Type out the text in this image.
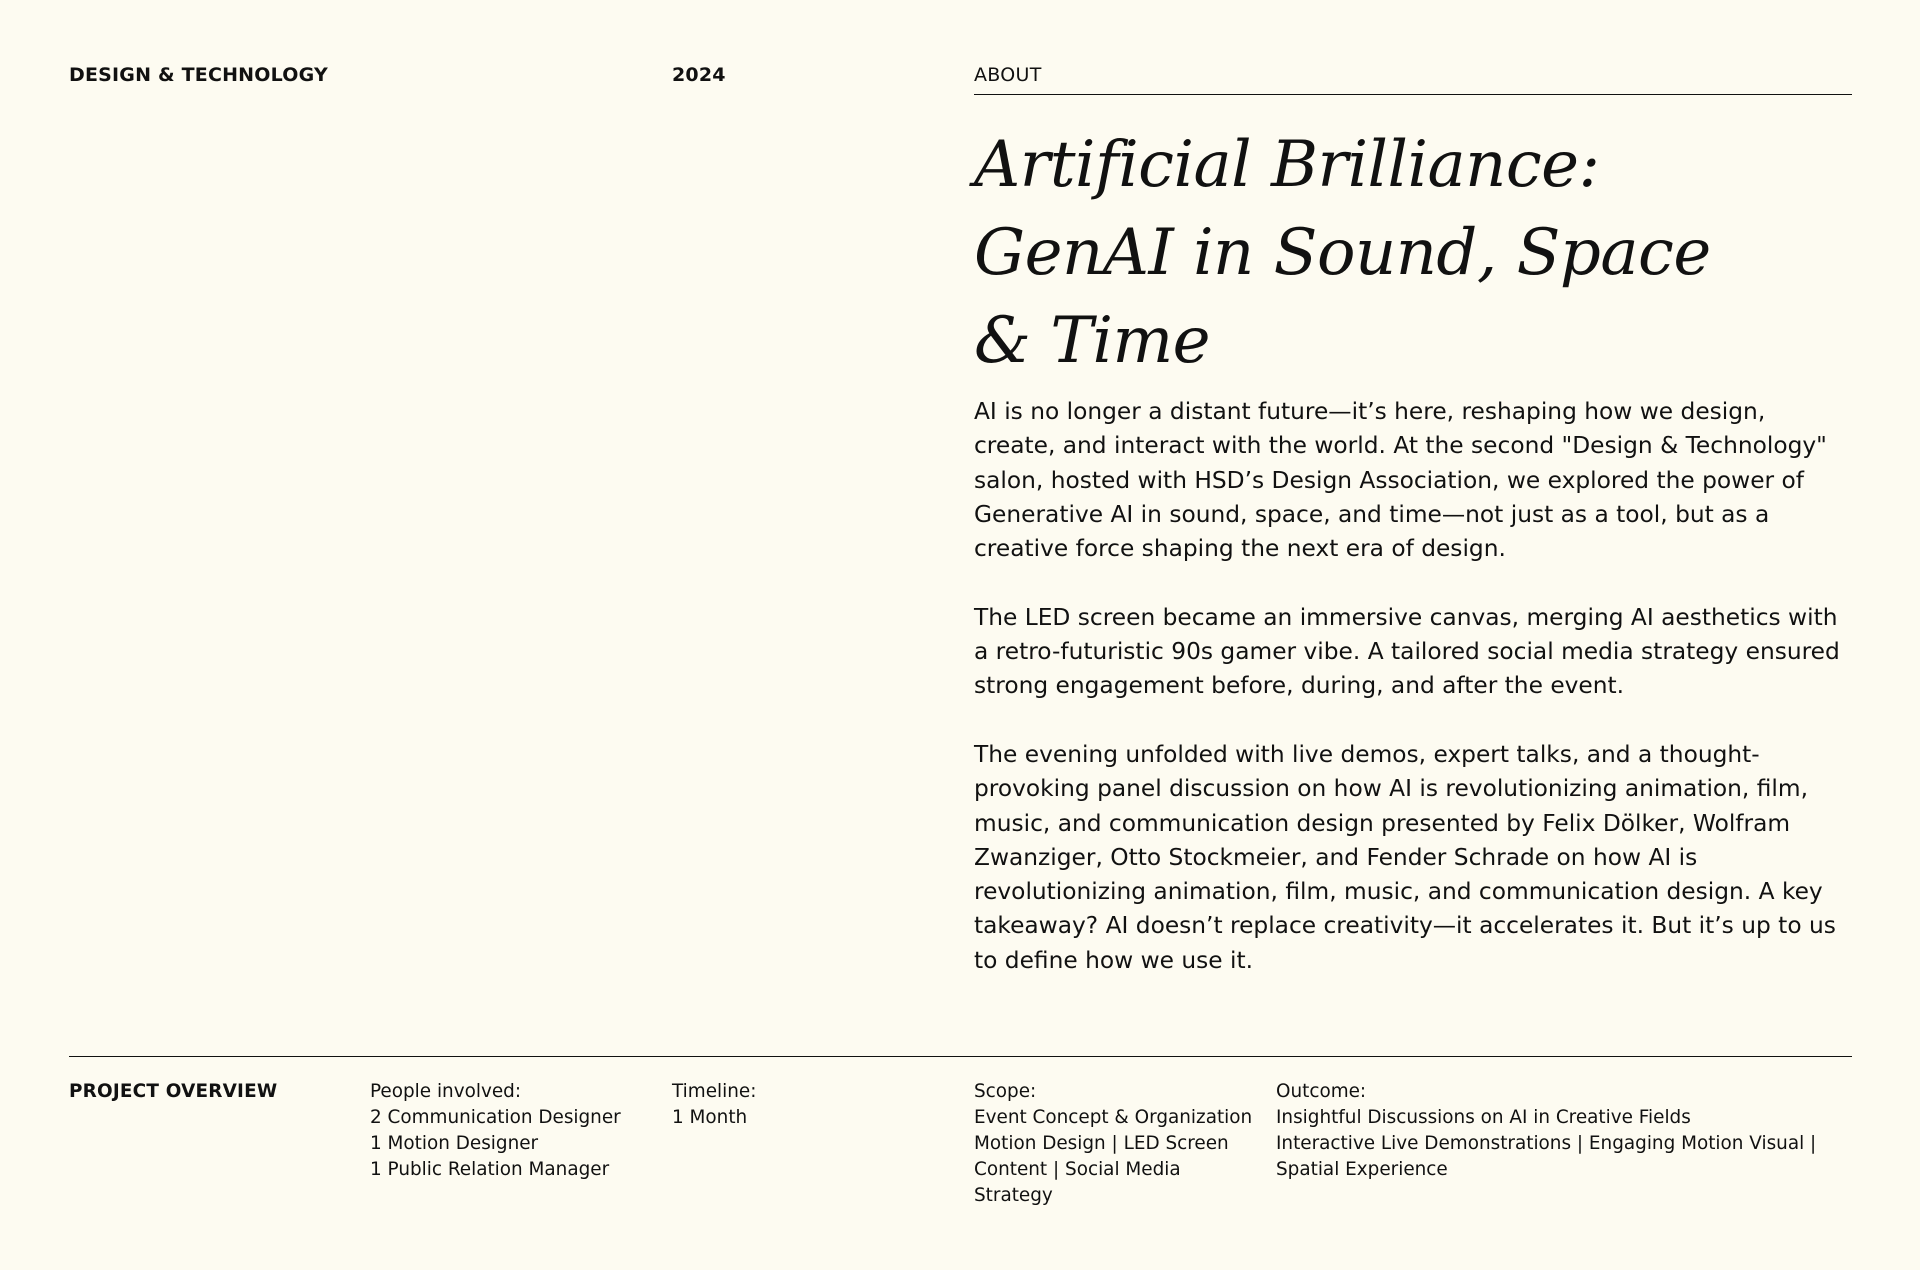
DESIGN & TECHNOLOGY	2024	ABOUT
Artificial Brilliance:
GenAI in Sound, Space
& Time

AI is no longer a distant future—it’s here, reshaping how we design, create, and interact with the world. At the second "Design & Technology" salon, hosted with HSD’s Design Association, we explored the power of Generative AI in sound, space, and time—not just as a tool, but as a creative force shaping the next era of design.

The LED screen became an immersive canvas, merging AI aesthetics with a retro-futuristic 90s gamer vibe. A tailored social media strategy ensured strong engagement before, during, and after the event.

The evening unfolded with live demos, expert talks, and a thought-provoking panel discussion on how AI is revolutionizing animation, film, music, and communication design presented by Felix Dölker, Wolfram Zwanziger, Otto Stockmeier, and Fender Schrade on how AI is revolutionizing animation, film, music, and communication design. A key takeaway? AI doesn’t replace creativity—it accelerates it. But it’s up to us to define how we use it.

PROJECT OVERVIEW	People involved:
2 Communication Designer
1 Motion Designer
1 Public Relation Manager
Timeline:
1 Month
Scope:
Event Concept & Organization
Motion Design | LED Screen
Content | Social Media
Strategy
Outcome:
Insightful Discussions on AI in Creative Fields
Interactive Live Demonstrations | Engaging Motion Visual |
Spatial Experience
